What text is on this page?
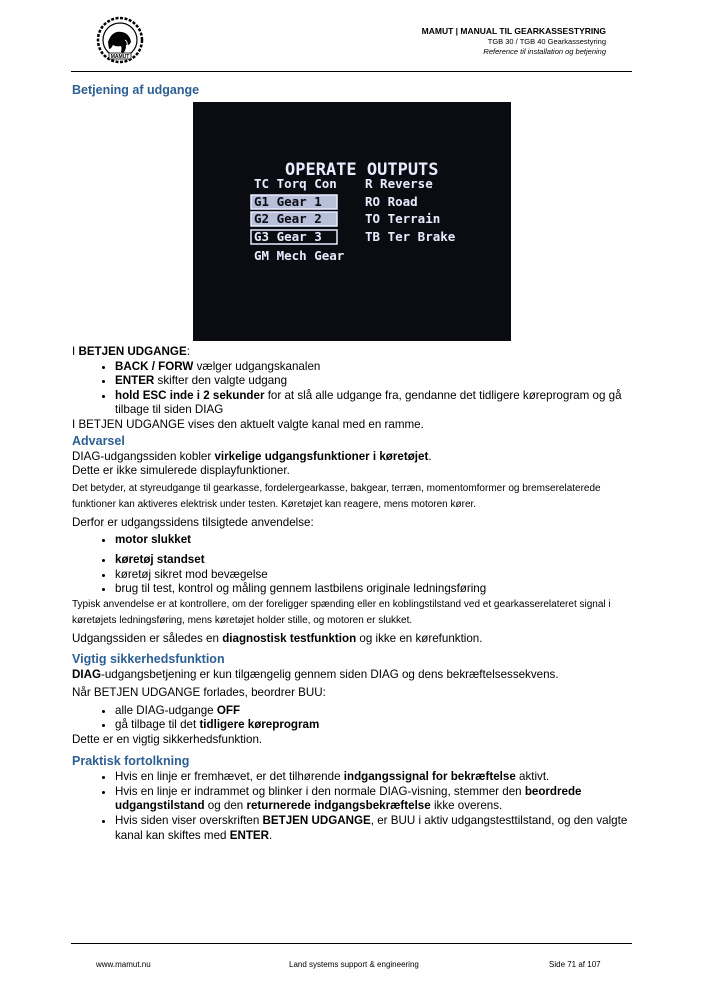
MAMUT
MAMUT | MANUAL TIL GEARKASSESTYRING
TGB 30 / TGB 40 Gearkassestyring
Reference til installation og betjening
Betjening af udgange
OPERATE OUTPUTS
TC Torq Con
G1 Gear 1
G2 Gear 2
G3 Gear 3
GM Mech Gear
R Reverse
RO Road
TO Terrain
TB Ter Brake

I BETJEN UDGANGE:

• BACK / FORW vælger udgangskanalen
• ENTER skifter den valgte udgang
• hold ESC inde i 2 sekunder for at slå alle udgange fra, gendanne det tidligere køreprogram og gå tilbage til siden DIAG

I BETJEN UDGANGE vises den aktuelt valgte kanal med en ramme.

Advarsel

DIAG-udgangssiden kobler virkelige udgangsfunktioner i køretøjet.

Dette er ikke simulerede displayfunktioner.

Det betyder, at styreudgange til gearkasse, fordelergearkasse, bakgear, terræn, momentomformer og bremserelaterede funktioner kan aktiveres elektrisk under testen. Køretøjet kan reagere, mens motoren kører.

Derfor er udgangssidens tilsigtede anvendelse:

• motor slukket
• køretøj standset
• køretøj sikret mod bevægelse
• brug til test, kontrol og måling gennem lastbilens originale ledningsføring

Typisk anvendelse er at kontrollere, om der foreligger spænding eller en koblingstilstand ved et gearkasserelateret signal i køretøjets ledningsføring, mens køretøjet holder stille, og motoren er slukket.

Udgangssiden er således en diagnostisk testfunktion og ikke en kørefunktion.

Vigtig sikkerhedsfunktion

DIAG-udgangsbetjening er kun tilgængelig gennem siden DIAG og dens bekræftelsessekvens.

Når BETJEN UDGANGE forlades, beordrer BUU:

• alle DIAG-udgange OFF
• gå tilbage til det tidligere køreprogram

Dette er en vigtig sikkerhedsfunktion.

Praktisk fortolkning
• Hvis en linje er fremhævet, er det tilhørende indgangssignal for bekræftelse aktivt.
• Hvis en linje er indrammet og blinker i den normale DIAG-visning, stemmer den beordrede udgangstilstand og den returnerede indgangsbekræftelse ikke overens.
• Hvis siden viser overskriften BETJEN UDGANGE, er BUU i aktiv udgangstesttilstand, og den valgte kanal kan skiftes med ENTER.
www.mamut.nu	Land systems support & engineering	Side 71 af 107
